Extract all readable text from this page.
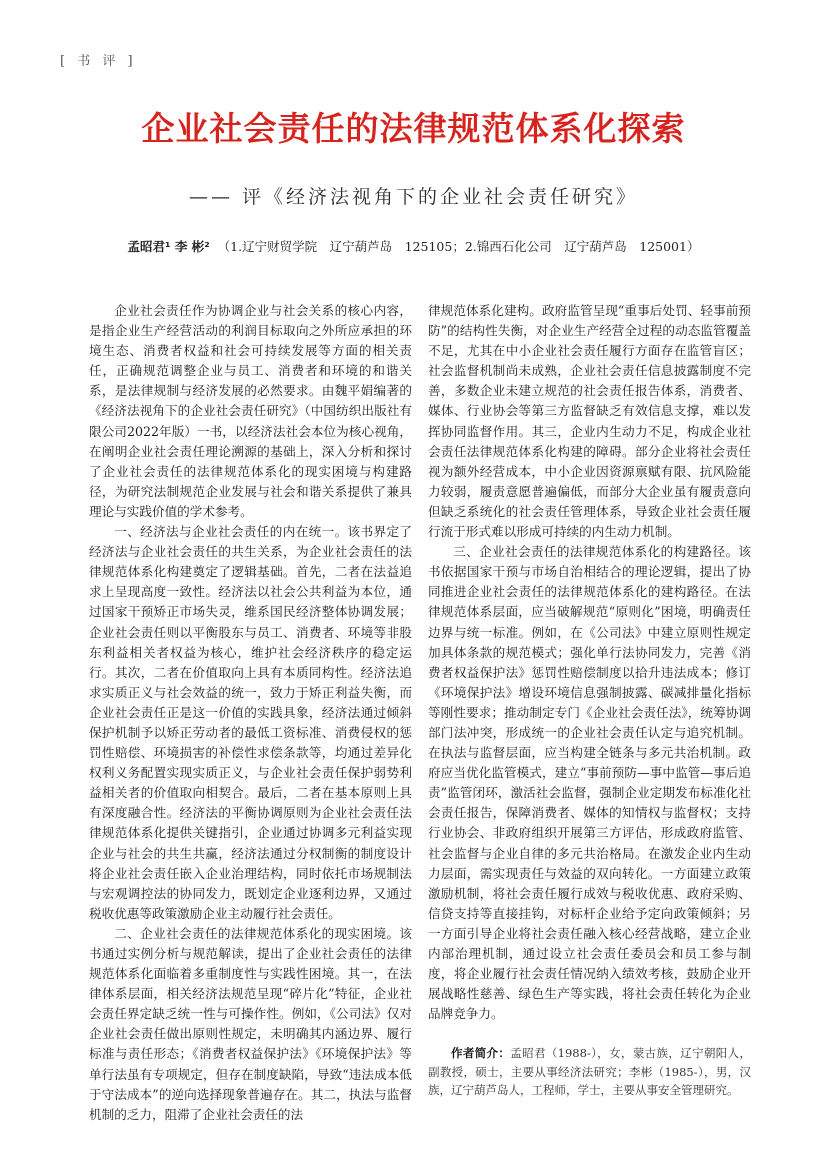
[ 书 评 ]
企业社会责任的法律规范体系化探索
—— 评《经济法视角下的企业社会责任研究》
孟昭君¹ 李 彬² （1.辽宁财贸学院　辽宁葫芦岛　125105；2.锦西石化公司　辽宁葫芦岛　125001）

企业社会责任作为协调企业与社会关系的核心内容，是指企业生产经营活动的利润目标取向之外所应承担的环境生态、消费者权益和社会可持续发展等方面的相关责任，正确规范调整企业与员工、消费者和环境的和谐关系，是法律规制与经济发展的必然要求。由魏平娟编著的《经济法视角下的企业社会责任研究》（中国纺织出版社有限公司2022年版）一书，以经济法社会本位为核心视角，在阐明企业社会责任理论溯源的基础上，深入分析和探讨了企业社会责任的法律规范体系化的现实困境与构建路径，为研究法制规范企业发展与社会和谐关系提供了兼具理论与实践价值的学术参考。

一、经济法与企业社会责任的内在统一。该书界定了经济法与企业社会责任的共生关系，为企业社会责任的法律规范体系化构建奠定了逻辑基础。首先，二者在法益追求上呈现高度一致性。经济法以社会公共利益为本位，通过国家干预矫正市场失灵，维系国民经济整体协调发展；企业社会责任则以平衡股东与员工、消费者、环境等非股东利益相关者权益为核心，维护社会经济秩序的稳定运行。其次，二者在价值取向上具有本质同构性。经济法追求实质正义与社会效益的统一，致力于矫正利益失衡，而企业社会责任正是这一价值的实践具象，经济法通过倾斜保护机制予以矫正劳动者的最低工资标准、消费侵权的惩罚性赔偿、环境损害的补偿性求偿条款等，均通过差异化权利义务配置实现实质正义，与企业社会责任保护弱势利益相关者的价值取向相契合。最后，二者在基本原则上具有深度融合性。经济法的平衡协调原则为企业社会责任法律规范体系化提供关键指引，企业通过协调多元利益实现企业与社会的共生共赢，经济法通过分权制衡的制度设计将企业社会责任嵌入企业治理结构，同时依托市场规制法与宏观调控法的协同发力，既划定企业逐利边界，又通过税收优惠等政策激励企业主动履行社会责任。

二、企业社会责任的法律规范体系化的现实困境。该书通过实例分析与规范解读，提出了企业社会责任的法律规范体系化面临着多重制度性与实践性困境。其一，在法律体系层面，相关经济法规范呈现“碎片化”特征，企业社会责任界定缺乏统一性与可操作性。例如，《公司法》仅对企业社会责任做出原则性规定，未明确其内涵边界、履行标准与责任形态；《消费者权益保护法》《环境保护法》等单行法虽有专项规定，但存在制度缺陷，导致“违法成本低于守法成本”的逆向选择现象普遍存在。其二，执法与监督机制的乏力，阻滞了企业社会责任的法

律规范体系化建构。政府监管呈现“重事后处罚、轻事前预防”的结构性失衡，对企业生产经营全过程的动态监管覆盖不足，尤其在中小企业社会责任履行方面存在监管盲区；社会监督机制尚未成熟，企业社会责任信息披露制度不完善，多数企业未建立规范的社会责任报告体系，消费者、媒体、行业协会等第三方监督缺乏有效信息支撑，难以发挥协同监督作用。其三，企业内生动力不足，构成企业社会责任法律规范体系化构建的障碍。部分企业将社会责任视为额外经营成本，中小企业因资源禀赋有限、抗风险能力较弱，履责意愿普遍偏低，而部分大企业虽有履责意向但缺乏系统化的社会责任管理体系，导致企业社会责任履行流于形式难以形成可持续的内生动力机制。

三、企业社会责任的法律规范体系化的构建路径。该书依据国家干预与市场自治相结合的理论逻辑，提出了协同推进企业社会责任的法律规范体系化的建构路径。在法律规范体系层面，应当破解规范“原则化”困境，明确责任边界与统一标准。例如，在《公司法》中建立原则性规定加具体条款的规范模式；强化单行法协同发力，完善《消费者权益保护法》惩罚性赔偿制度以拾升违法成本；修订《环境保护法》增设环境信息强制披露、碳减排量化指标等刚性要求；推动制定专门《企业社会责任法》，统筹协调部门法冲突，形成统一的企业社会责任认定与追究机制。在执法与监督层面，应当构建全链条与多元共治机制。政府应当优化监管模式，建立“事前预防—事中监管—事后追责”监管闭环，激活社会监督，强制企业定期发布标准化社会责任报告，保障消费者、媒体的知情权与监督权；支持行业协会、非政府组织开展第三方评估，形成政府监管、社会监督与企业自律的多元共治格局。在激发企业内生动力层面，需实现责任与效益的双向转化。一方面建立政策激励机制，将社会责任履行成效与税收优惠、政府采购、信贷支持等直接挂钩，对标杆企业给予定向政策倾斜；另一方面引导企业将社会责任融入核心经营战略，建立企业内部治理机制，通过设立社会责任委员会和员工参与制度，将企业履行社会责任情况纳入绩效考核，鼓励企业开展战略性慈善、绿色生产等实践，将社会责任转化为企业品牌竞争力。

作者简介：孟昭君（1988-），女，蒙古族，辽宁朝阳人，副教授，硕士，主要从事经济法研究；李彬（1985-），男，汉族，辽宁葫芦岛人，工程师，学士，主要从事安全管理研究。
